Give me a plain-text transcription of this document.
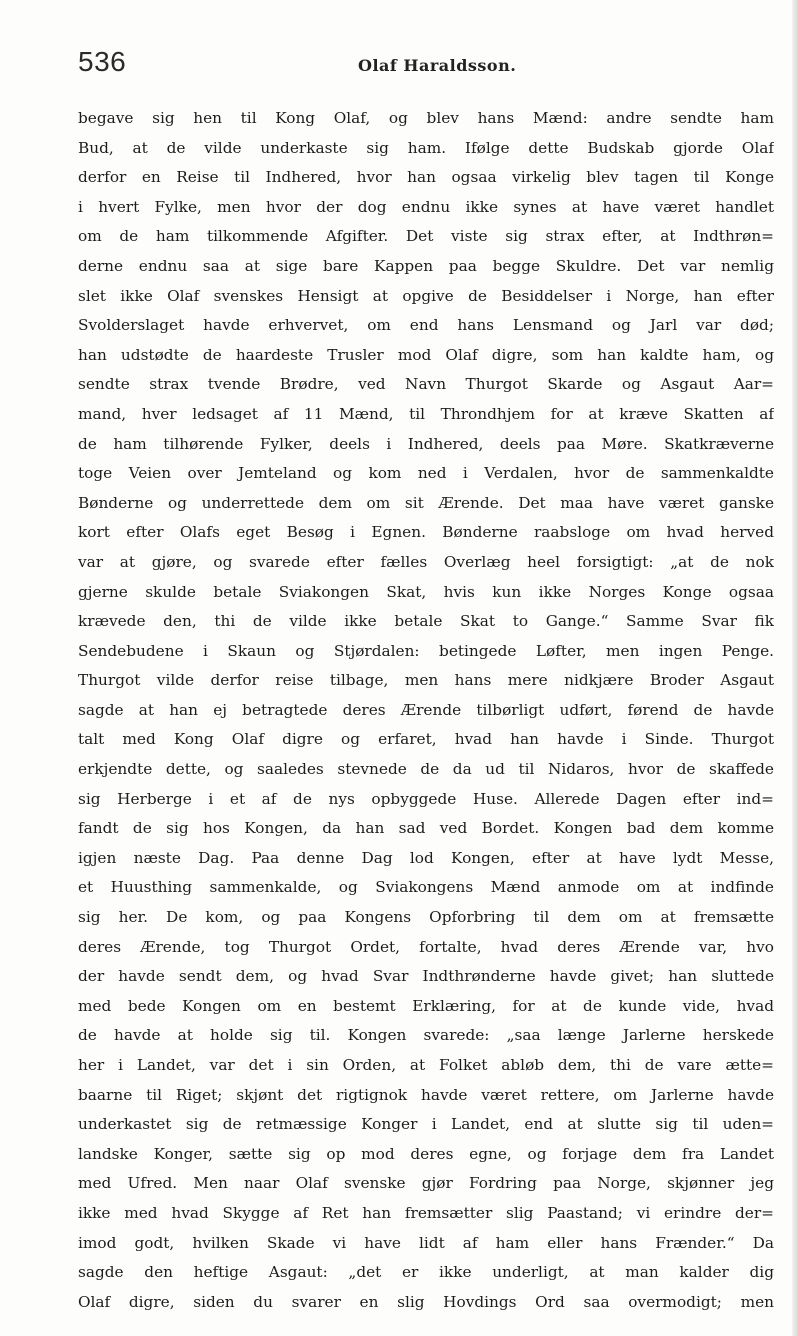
536	Olaf Haraldsson.
begave sig hen til Kong Olaf, og blev hans Mænd: andre sendte ham
Bud, at de vilde underkaste sig ham. Ifølge dette Budskab gjorde Olaf
derfor en Reise til Indhered, hvor han ogsaa virkelig blev tagen til Konge
i hvert Fylke, men hvor der dog endnu ikke synes at have været handlet
om de ham tilkommende Afgifter. Det viste sig strax efter, at Indthrøn=
derne endnu saa at sige bare Kappen paa begge Skuldre. Det var nemlig
slet ikke Olaf svenskes Hensigt at opgive de Besiddelser i Norge, han efter
Svolderslaget havde erhvervet, om end hans Lensmand og Jarl var død;
han udstødte de haardeste Trusler mod Olaf digre, som han kaldte ham, og
sendte strax tvende Brødre, ved Navn Thurgot Skarde og Asgaut Aar=
mand, hver ledsaget af 11 Mænd, til Throndhjem for at kræve Skatten af
de ham tilhørende Fylker, deels i Indhered, deels paa Møre. Skatkræverne
toge Veien over Jemteland og kom ned i Verdalen, hvor de sammenkaldte
Bønderne og underrettede dem om sit Ærende. Det maa have været ganske
kort efter Olafs eget Besøg i Egnen. Bønderne raabsloge om hvad herved
var at gjøre, og svarede efter fælles Overlæg heel forsigtigt: „at de nok
gjerne skulde betale Sviakongen Skat, hvis kun ikke Norges Konge ogsaa
krævede den, thi de vilde ikke betale Skat to Gange.“ Samme Svar fik
Sendebudene i Skaun og Stjørdalen: betingede Løfter, men ingen Penge.
Thurgot vilde derfor reise tilbage, men hans mere nidkjære Broder Asgaut
sagde at han ej betragtede deres Ærende tilbørligt udført, førend de havde
talt med Kong Olaf digre og erfaret, hvad han havde i Sinde. Thurgot
erkjendte dette, og saaledes stevnede de da ud til Nidaros, hvor de skaffede
sig Herberge i et af de nys opbyggede Huse. Allerede Dagen efter ind=
fandt de sig hos Kongen, da han sad ved Bordet. Kongen bad dem komme
igjen næste Dag. Paa denne Dag lod Kongen, efter at have lydt Messe,
et Huusthing sammenkalde, og Sviakongens Mænd anmode om at indfinde
sig her. De kom, og paa Kongens Opforbring til dem om at fremsætte
deres Ærende, tog Thurgot Ordet, fortalte, hvad deres Ærende var, hvo
der havde sendt dem, og hvad Svar Indthrønderne havde givet; han sluttede
med bede Kongen om en bestemt Erklæring, for at de kunde vide, hvad
de havde at holde sig til. Kongen svarede: „saa længe Jarlerne herskede
her i Landet, var det i sin Orden, at Folket abløb dem, thi de vare ætte=
baarne til Riget; skjønt det rigtignok havde været rettere, om Jarlerne havde
underkastet sig de retmæssige Konger i Landet, end at slutte sig til uden=
landske Konger, sætte sig op mod deres egne, og forjage dem fra Landet
med Ufred. Men naar Olaf svenske gjør Fordring paa Norge, skjønner jeg
ikke med hvad Skygge af Ret han fremsætter slig Paastand; vi erindre der=
imod godt, hvilken Skade vi have lidt af ham eller hans Frænder.“ Da
sagde den heftige Asgaut: „det er ikke underligt, at man kalder dig
Olaf digre, siden du svarer en slig Hovdings Ord saa overmodigt; men
